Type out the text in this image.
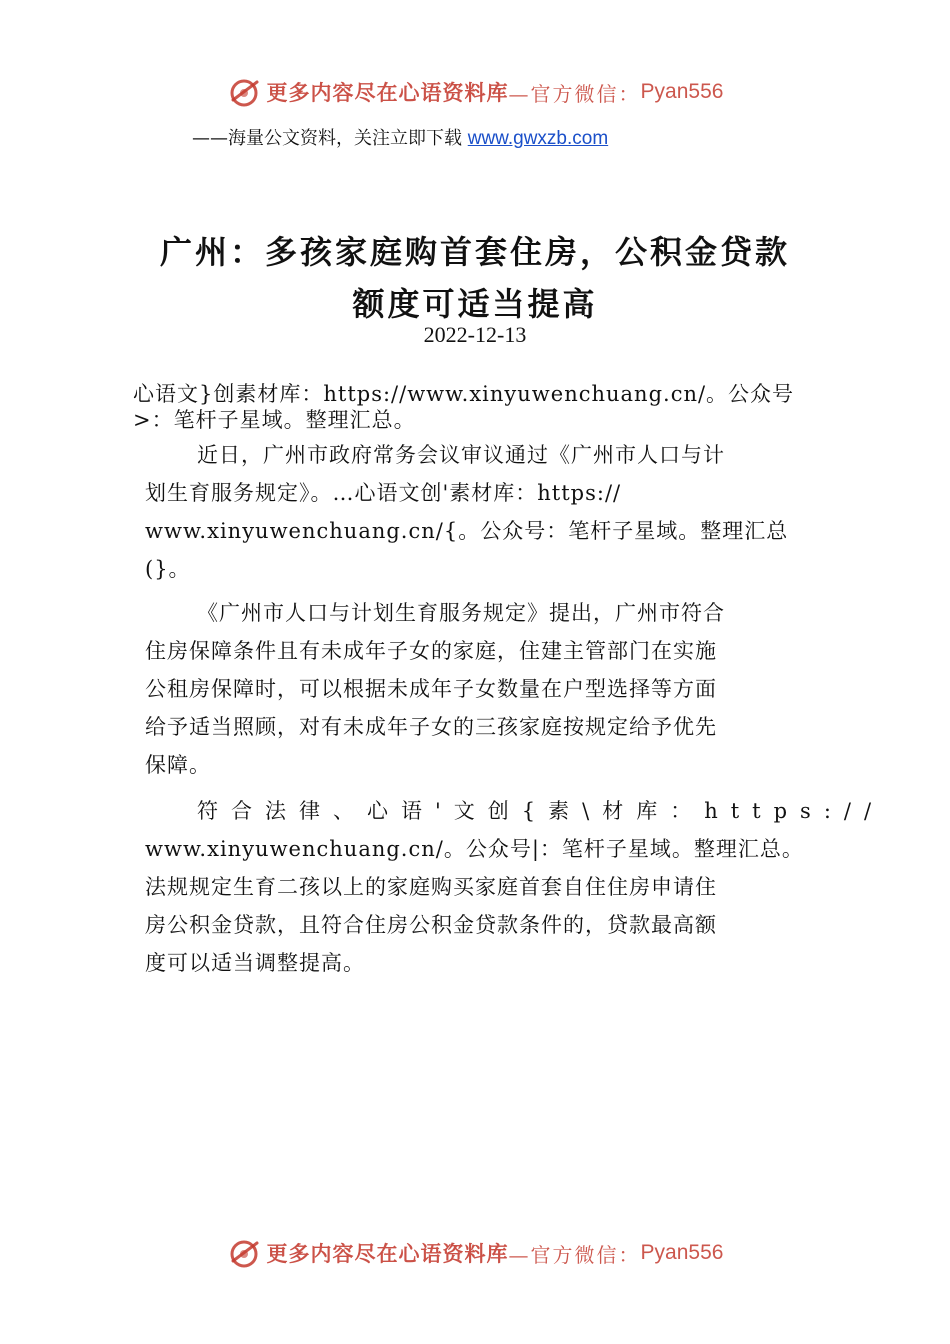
更多内容尽在心语资料库 —官方微信： Pyan556
——海量公文资料，关注立即下载 www.gwxzb.com
广州：多孩家庭购首套住房，公积金贷款
额度可适当提高
2022-12-13
心语文}创素材库：https://www.xinyuwenchuang.cn/。公众号
>：笔杆子星域。整理汇总。
近日，广州市政府常务会议审议通过《广州市人口与计
划生育服务规定》。…心语文创'素材库：https://
www.xinyuwenchuang.cn/{。公众号：笔杆子星域。整理汇总
(}。
《广州市人口与计划生育服务规定》提出，广州市符合
住房保障条件且有未成年子女的家庭，住建主管部门在实施
公租房保障时，可以根据未成年子女数量在户型选择等方面
给予适当照顾，对有未成年子女的三孩家庭按规定给予优先
保障。
符合法律、心语'文创{素\材库：https://
www.xinyuwenchuang.cn/。公众号|：笔杆子星域。整理汇总。
法规规定生育二孩以上的家庭购买家庭首套自住住房申请住
房公积金贷款，且符合住房公积金贷款条件的，贷款最高额
度可以适当调整提高。
更多内容尽在心语资料库 —官方微信： Pyan556
